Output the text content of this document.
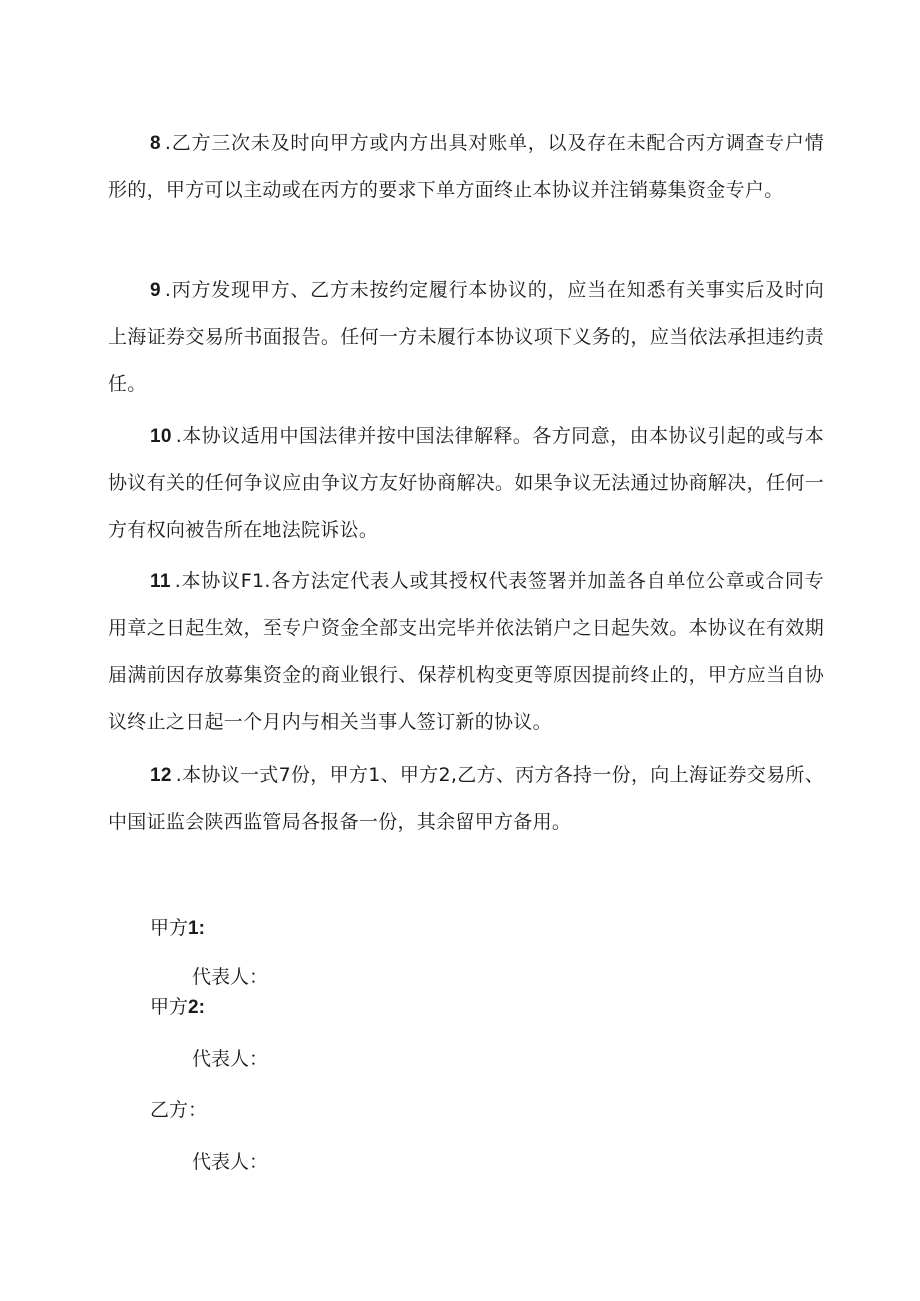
8 .乙方三次未及时向甲方或内方出具对账单，以及存在未配合丙方调查专户情形的，甲方可以主动或在丙方的要求下单方面终止本协议并注销募集资金专户。

9 .丙方发现甲方、乙方未按约定履行本协议的，应当在知悉有关事实后及时向上海证券交易所书面报告。任何一方未履行本协议项下义务的，应当依法承担违约责任。

10 .本协议适用中国法律并按中国法律解释。各方同意，由本协议引起的或与本协议有关的任何争议应由争议方友好协商解决。如果争议无法通过协商解决，任何一方有权向被告所在地法院诉讼。

11 .本协议F1.各方法定代表人或其授权代表签署并加盖各自单位公章或合同专用章之日起生效，至专户资金全部支出完毕并依法销户之日起失效。本协议在有效期届满前因存放募集资金的商业银行、保荐机构变更等原因提前终止的，甲方应当自协议终止之日起一个月内与相关当事人签订新的协议。

12 .本协议一式7份，甲方1、甲方2,乙方、丙方各持一份，向上海证券交易所、中国证监会陕西监管局各报备一份，其余留甲方备用。

甲方1:
代表人：
甲方2:
代表人：
乙方：
代表人：
